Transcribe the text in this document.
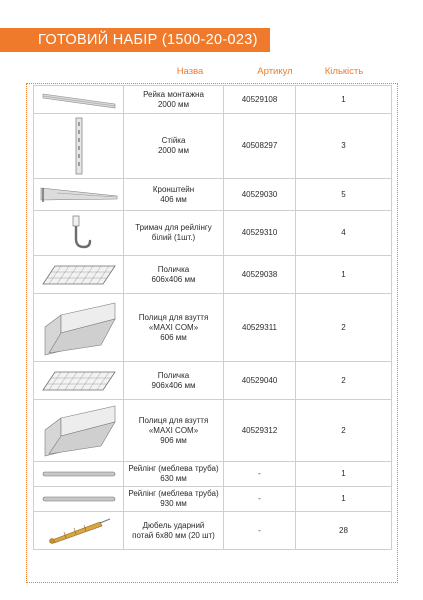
ГОТОВИЙ НАБІР (1500-20-023)
Назва	Артикул	Кількість

Рейка монтажна
2000 мм	40529108	1

Стійка
2000 мм	40508297	3

Кронштейн
406 мм	40529030	5

Тримач для рейлінгу
білий (1шт.)	40529310	4

Поличка
606x406 мм	40529038	1

Полиця для взуття
«MAXI COM»
606 мм	40529311	2

Поличка
906x406 мм	40529040	2

Полиця для взуття
«MAXI COM»
906 мм	40529312	2

Рейлінг (меблева труба)
630 мм	-	1

Рейлінг (меблева труба)
930 мм	-	1

Дюбель ударний
потай 6x80 мм (20 шт)	-	28
